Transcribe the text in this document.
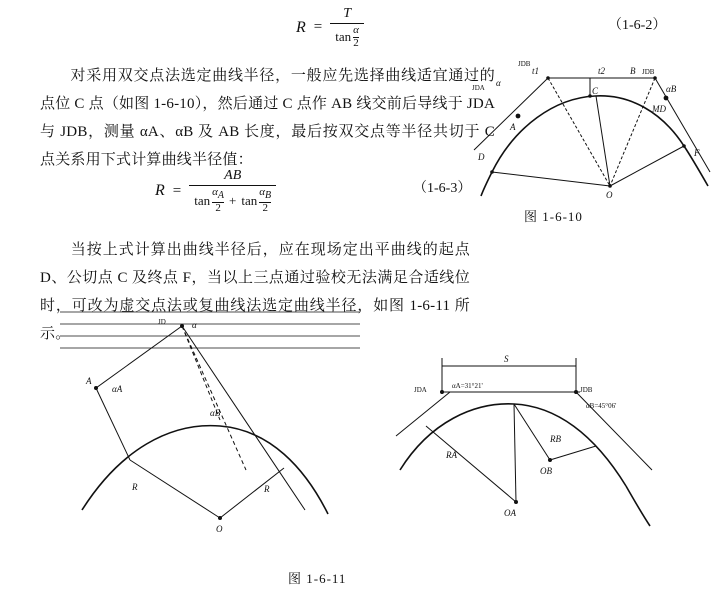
$R = \frac{T}{\tan \frac{\alpha}{2}}$	（1-6-2）
对采用双交点法选定曲线半径，一般应先选择曲线适宜通过的点位 C 点（如图 1-6-10），然后通过 C 点作 AB 线交前后导线于 JDA 与 JDB，测量 αA、αB 及 AB 长度，最后按双交点等半径共切于 C 点关系用下式计算曲线半径值：
R =
AB
$\tan \frac{\alpha A}{2} + \tan \frac{\alpha B}{2}$	（1-6-3）
当按上式计算出曲线半径后，应在现场定出平曲线的起点 D、公切点 C 及终点 F，当以上三点通过验校无法满足合适线位时，可改为虚交点法或复曲线法选定曲线半径，如图 1-6-11 所示。
JDB
JDA α
t1	t2	B JDB
C
A
αB
MD
D	F
O
图 1-6-10
JD	α
A
αA
αB
R	R
O
S
JDA	JDB
αA=31°21'
αB=45°06'
RA
RB
OA
OB
图 1-6-11
